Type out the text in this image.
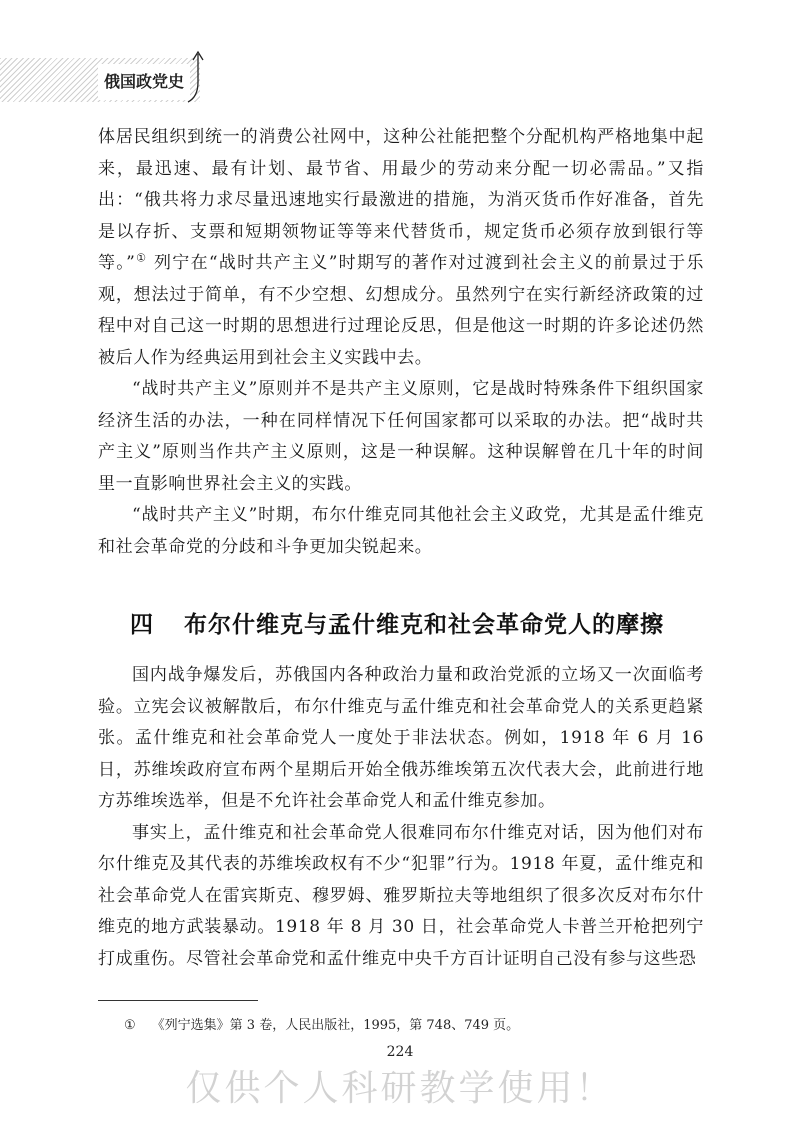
俄国政党史

体居民组织到统一的消费公社网中，这种公社能把整个分配机构严格地集中起来，最迅速、最有计划、最节省、用最少的劳动来分配一切必需品。”又指出：“俄共将力求尽量迅速地实行最激进的措施，为消灭货币作好准备，首先是以存折、支票和短期领物证等等来代替货币，规定货币必须存放到银行等等。”① 列宁在“战时共产主义”时期写的著作对过渡到社会主义的前景过于乐观，想法过于简单，有不少空想、幻想成分。虽然列宁在实行新经济政策的过程中对自己这一时期的思想进行过理论反思，但是他这一时期的许多论述仍然被后人作为经典运用到社会主义实践中去。

“战时共产主义”原则并不是共产主义原则，它是战时特殊条件下组织国家经济生活的办法，一种在同样情况下任何国家都可以采取的办法。把“战时共产主义”原则当作共产主义原则，这是一种误解。这种误解曾在几十年的时间里一直影响世界社会主义的实践。

“战时共产主义”时期，布尔什维克同其他社会主义政党，尤其是孟什维克和社会革命党的分歧和斗争更加尖锐起来。

四 布尔什维克与孟什维克和社会革命党人的摩擦

国内战争爆发后，苏俄国内各种政治力量和政治党派的立场又一次面临考验。立宪会议被解散后，布尔什维克与孟什维克和社会革命党人的关系更趋紧张。孟什维克和社会革命党人一度处于非法状态。例如，1918 年 6 月 16 日，苏维埃政府宣布两个星期后开始全俄苏维埃第五次代表大会，此前进行地方苏维埃选举，但是不允许社会革命党人和孟什维克参加。

事实上，孟什维克和社会革命党人很难同布尔什维克对话，因为他们对布尔什维克及其代表的苏维埃政权有不少“犯罪”行为。1918 年夏，孟什维克和社会革命党人在雷宾斯克、穆罗姆、雅罗斯拉夫等地组织了很多次反对布尔什维克的地方武装暴动。1918 年 8 月 30 日，社会革命党人卡普兰开枪把列宁打成重伤。尽管社会革命党和孟什维克中央千方百计证明自己没有参与这些恐

① 《列宁选集》第 3 卷，人民出版社，1995，第 748、749 页。
224
仅供个人科研教学使用！
